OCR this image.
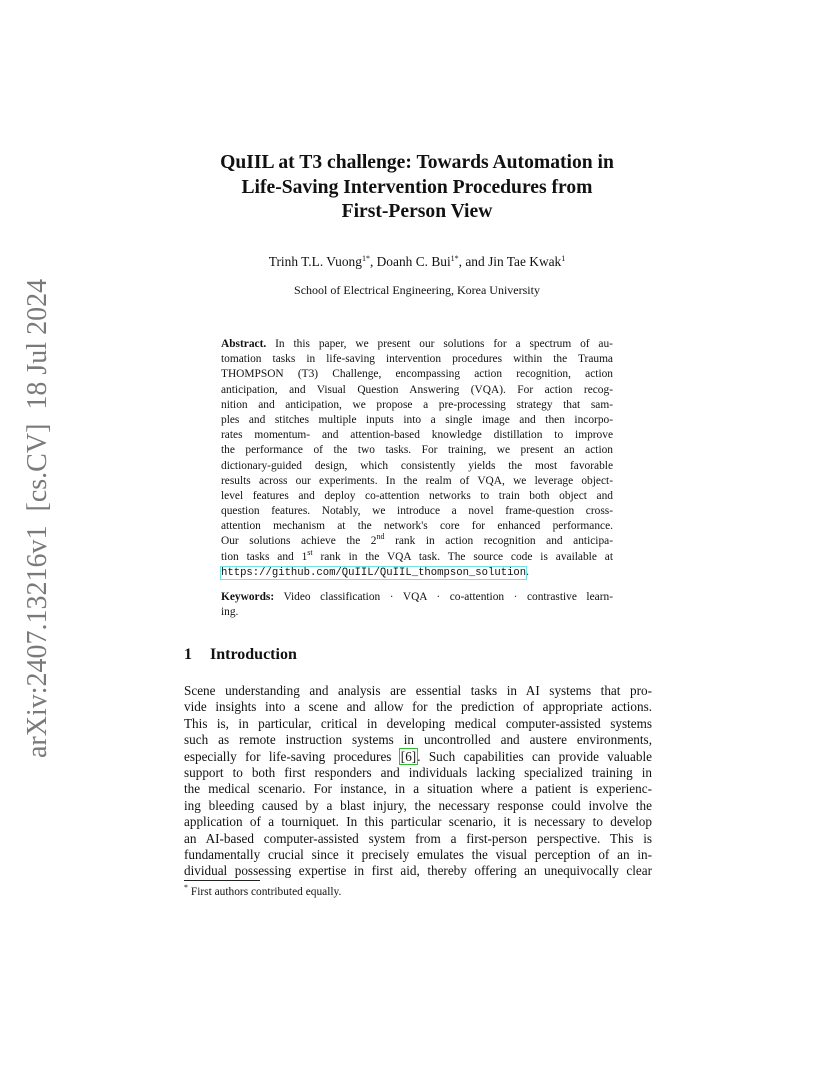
arXiv:2407.13216v1  [cs.CV]  18 Jul 2024
QuIIL at T3 challenge: Towards Automation in
Life-Saving Intervention Procedures from
First-Person View
Trinh T.L. Vuong$^{1*}$, Doanh C. Bui$^{1*}$, and Jin Tae Kwak$^1$
School of Electrical Engineering, Korea University
Abstract. In this paper, we present our solutions for a spectrum of au-
tomation tasks in life-saving intervention procedures within the Trauma
THOMPSON (T3) Challenge, encompassing action recognition, action
anticipation, and Visual Question Answering (VQA). For action recog-
nition and anticipation, we propose a pre-processing strategy that sam-
ples and stitches multiple inputs into a single image and then incorpo-
rates momentum- and attention-based knowledge distillation to improve
the performance of the two tasks. For training, we present an action
dictionary-guided design, which consistently yields the most favorable
results across our experiments. In the realm of VQA, we leverage object-
level features and deploy co-attention networks to train both object and
question features. Notably, we introduce a novel frame-question cross-
attention mechanism at the network's core for enhanced performance.
Our solutions achieve the 2nd rank in action recognition and anticipa-
tion tasks and 1st rank in the VQA task. The source code is available at
https://github.com/QuIIL/QuIIL_thompson_solution.
Keywords: Video classification · VQA · co-attention · contrastive learn-
ing.
1 Introduction
Scene understanding and analysis are essential tasks in AI systems that pro-
vide insights into a scene and allow for the prediction of appropriate actions.
This is, in particular, critical in developing medical computer-assisted systems
such as remote instruction systems in uncontrolled and austere environments,
especially for life-saving procedures [6]. Such capabilities can provide valuable
support to both first responders and individuals lacking specialized training in
the medical scenario. For instance, in a situation where a patient is experienc-
ing bleeding caused by a blast injury, the necessary response could involve the
application of a tourniquet. In this particular scenario, it is necessary to develop
an AI-based computer-assisted system from a first-person perspective. This is
fundamentally crucial since it precisely emulates the visual perception of an in-
dividual possessing expertise in first aid, thereby offering an unequivocally clear
* First authors contributed equally.
